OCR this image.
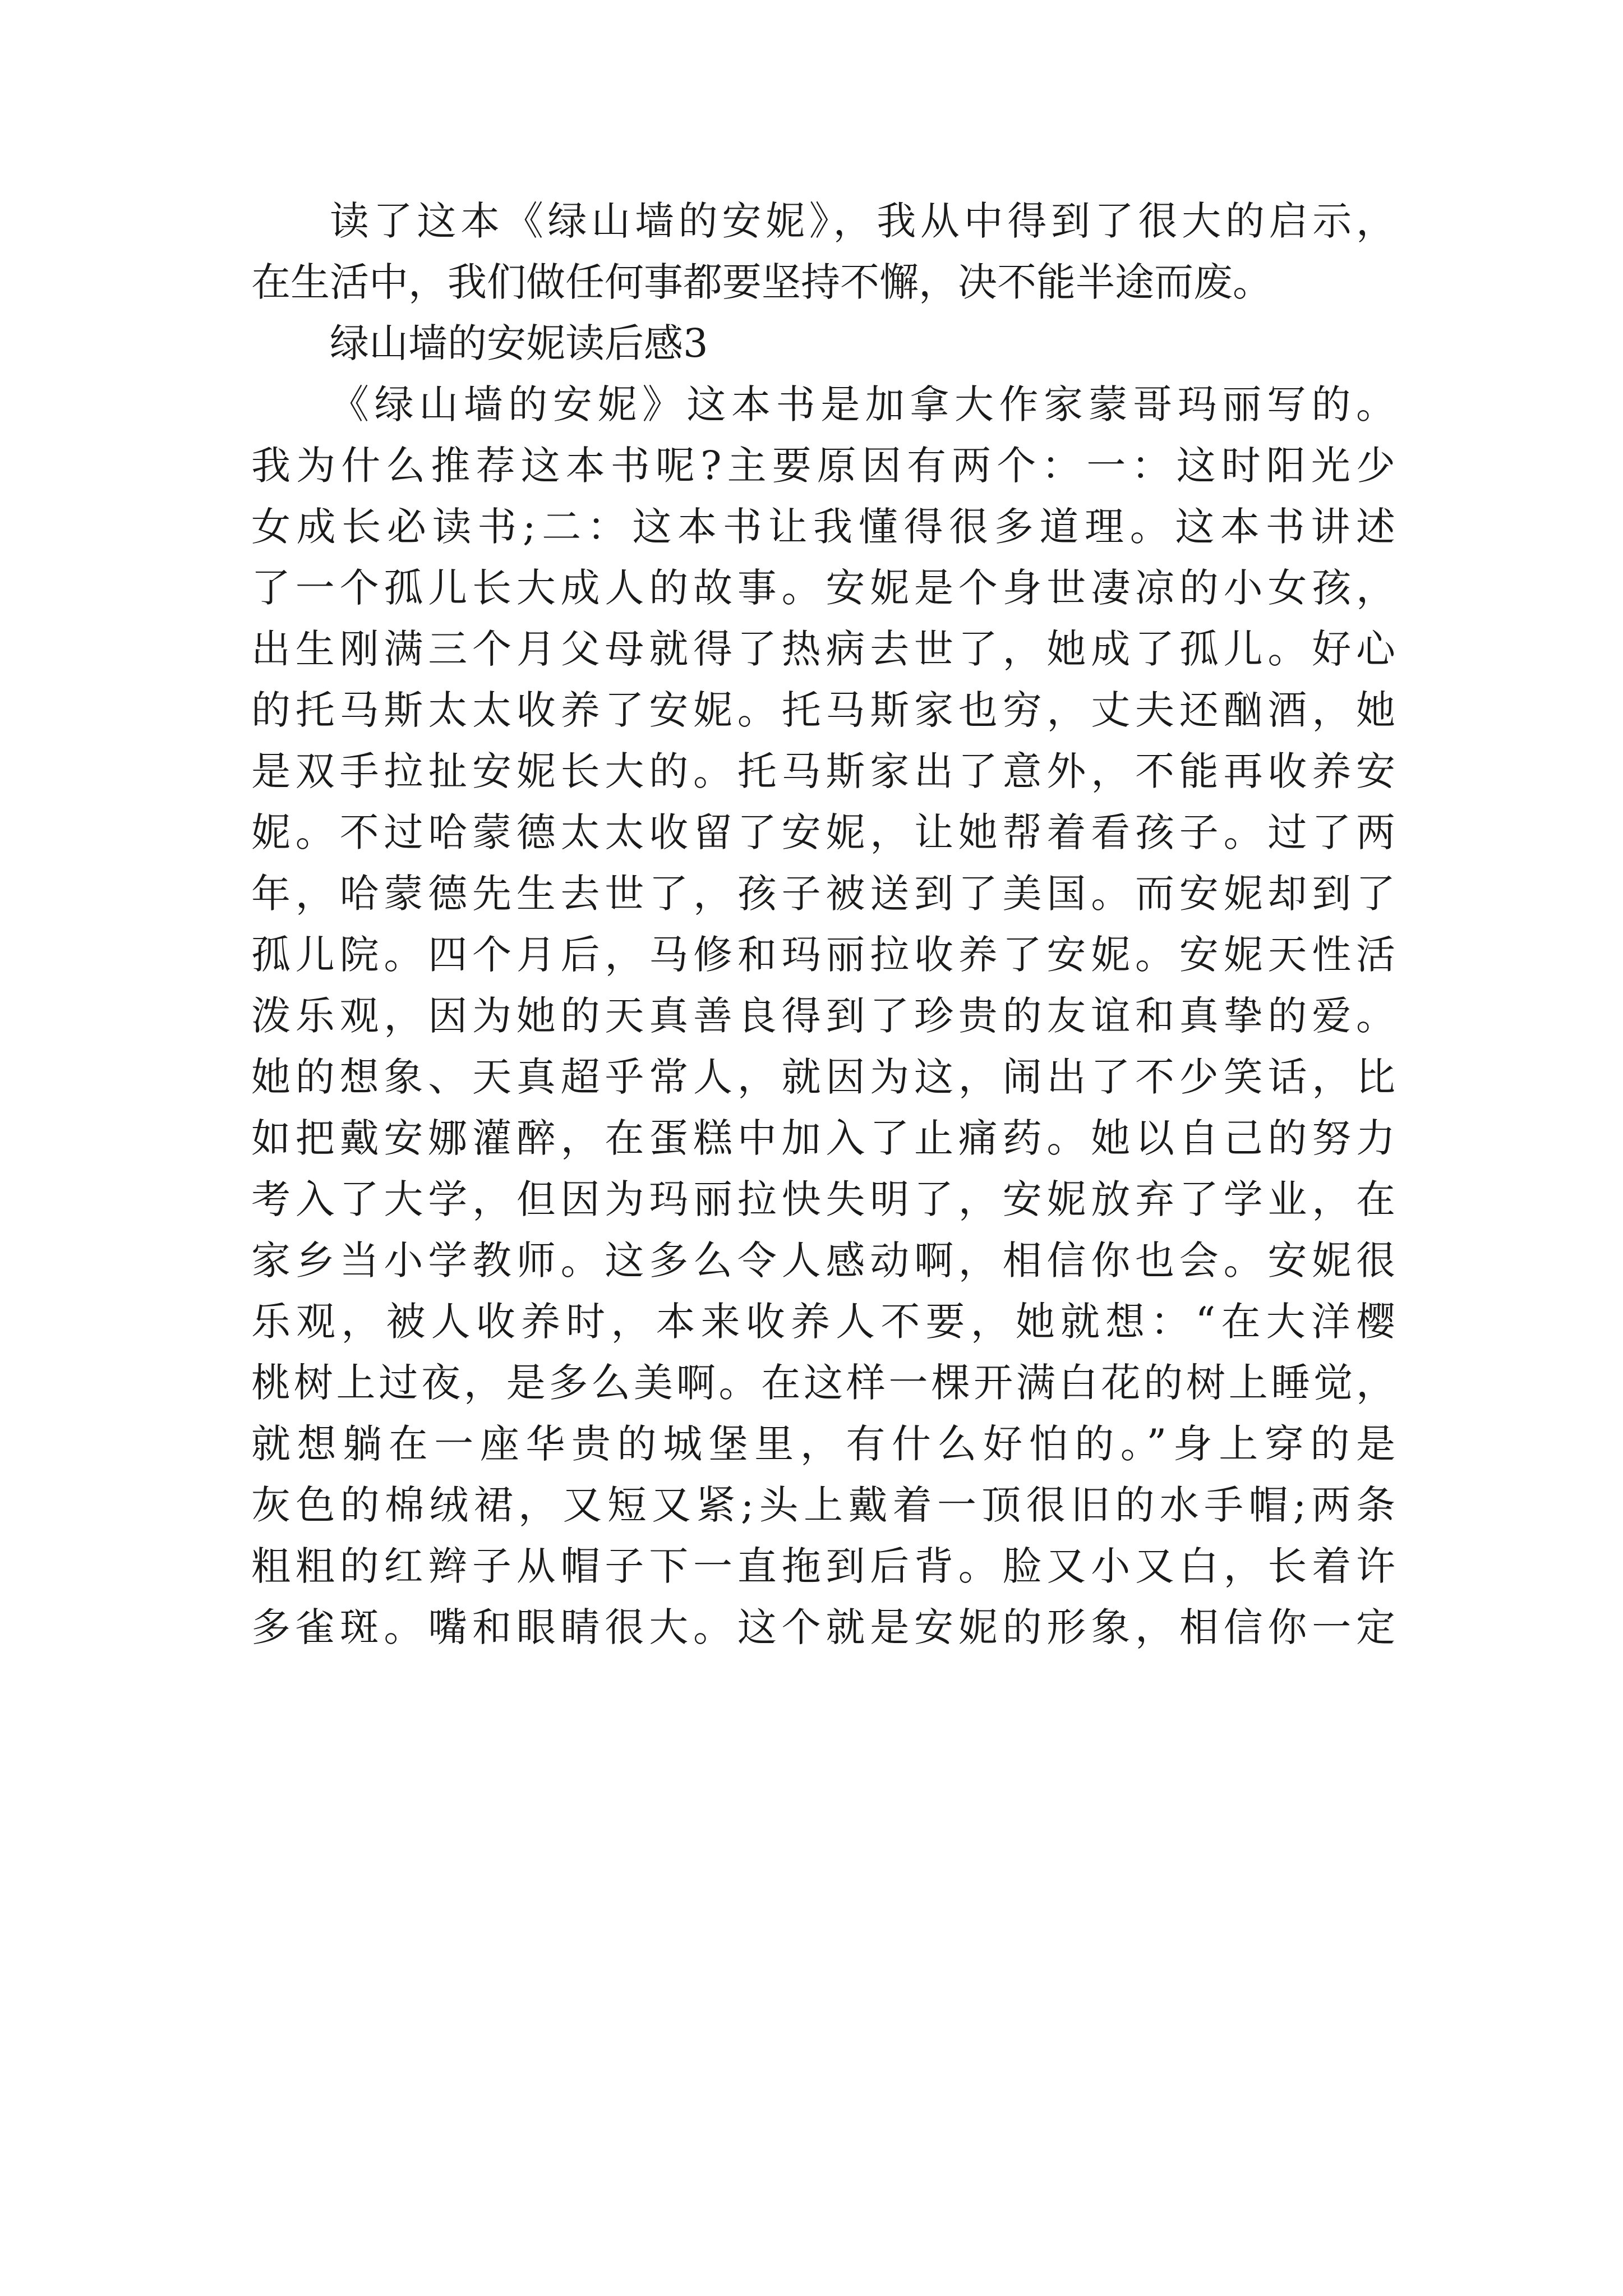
读了这本《绿山墙的安妮》，我从中得到了很大的启示，
在生活中，我们做任何事都要坚持不懈，决不能半途而废。
绿山墙的安妮读后感3
《绿山墙的安妮》这本书是加拿大作家蒙哥玛丽写的。
我为什么推荐这本书呢?主要原因有两个：一：这时阳光少
女成长必读书;二：这本书让我懂得很多道理。这本书讲述
了一个孤儿长大成人的故事。安妮是个身世凄凉的小女孩，
出生刚满三个月父母就得了热病去世了，她成了孤儿。好心
的托马斯太太收养了安妮。托马斯家也穷，丈夫还酗酒，她
是双手拉扯安妮长大的。托马斯家出了意外，不能再收养安
妮。不过哈蒙德太太收留了安妮，让她帮着看孩子。过了两
年，哈蒙德先生去世了，孩子被送到了美国。而安妮却到了
孤儿院。四个月后，马修和玛丽拉收养了安妮。安妮天性活
泼乐观，因为她的天真善良得到了珍贵的友谊和真挚的爱。
她的想象、天真超乎常人，就因为这，闹出了不少笑话，比
如把戴安娜灌醉，在蛋糕中加入了止痛药。她以自己的努力
考入了大学，但因为玛丽拉快失明了，安妮放弃了学业，在
家乡当小学教师。这多么令人感动啊，相信你也会。安妮很
乐观，被人收养时，本来收养人不要，她就想：“在大洋樱
桃树上过夜，是多么美啊。在这样一棵开满白花的树上睡觉，
就想躺在一座华贵的城堡里，有什么好怕的。”身上穿的是
灰色的棉绒裙，又短又紧;头上戴着一顶很旧的水手帽;两条
粗粗的红辫子从帽子下一直拖到后背。脸又小又白，长着许
多雀斑。嘴和眼睛很大。这个就是安妮的形象，相信你一定
